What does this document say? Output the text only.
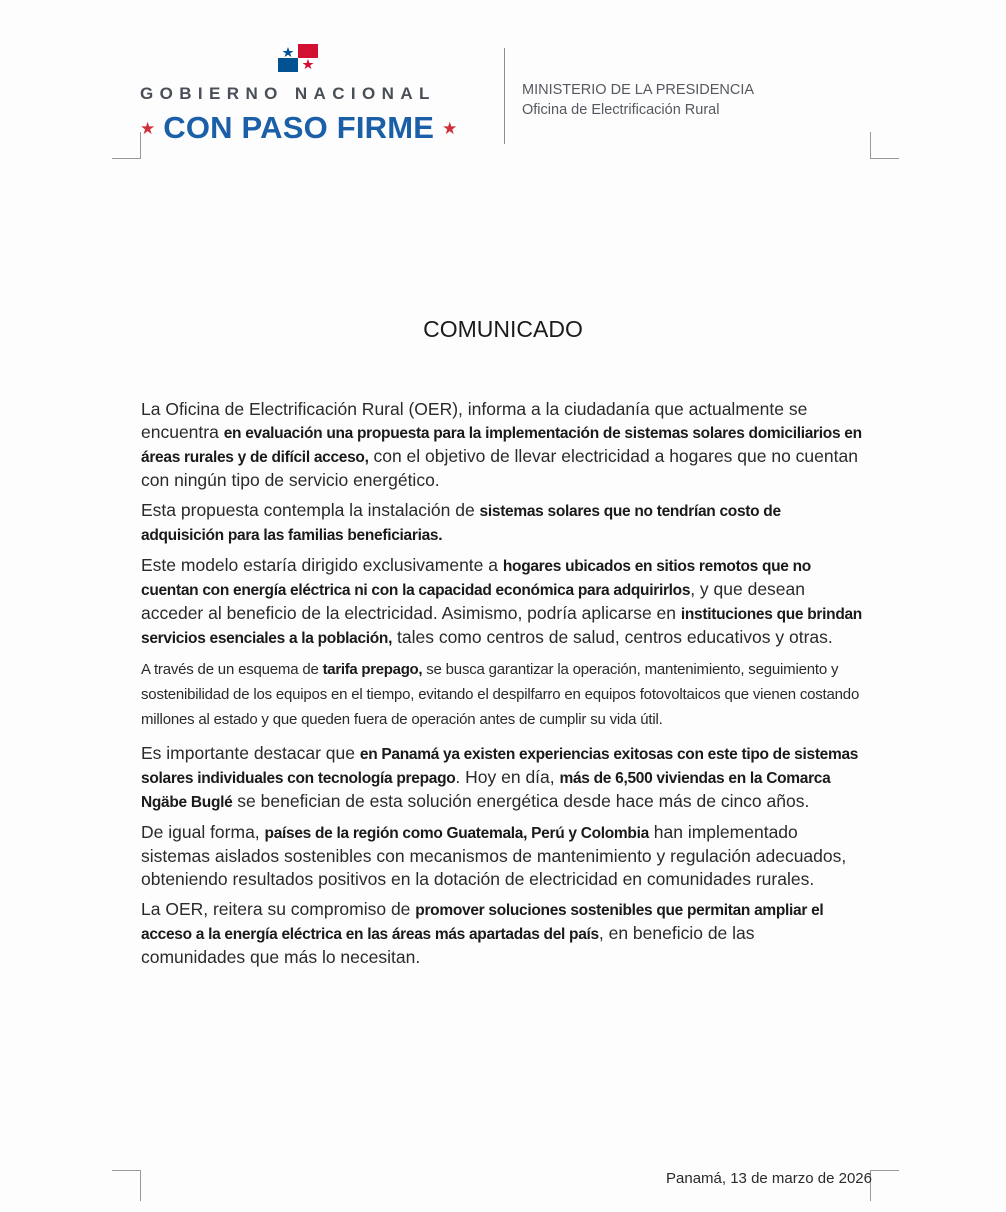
GOBIERNO NACIONAL
★ CON PASO FIRME ★
MINISTERIO DE LA PRESIDENCIA
Oficina de Electrificación Rural
COMUNICADO

La Oficina de Electrificación Rural (OER), informa a la ciudadanía que actualmente se encuentra en evaluación una propuesta para la implementación de sistemas solares domiciliarios en áreas rurales y de difícil acceso, con el objetivo de llevar electricidad a hogares que no cuentan con ningún tipo de servicio energético.

Esta propuesta contempla la instalación de sistemas solares que no tendrían costo de adquisición para las familias beneficiarias.

Este modelo estaría dirigido exclusivamente a hogares ubicados en sitios remotos que no cuentan con energía eléctrica ni con la capacidad económica para adquirirlos, y que desean acceder al beneficio de la electricidad. Asimismo, podría aplicarse en instituciones que brindan servicios esenciales a la población, tales como centros de salud, centros educativos y otras.

A través de un esquema de tarifa prepago, se busca garantizar la operación, mantenimiento, seguimiento y sostenibilidad de los equipos en el tiempo, evitando el despilfarro en equipos fotovoltaicos que vienen costando millones al estado y que queden fuera de operación antes de cumplir su vida útil.

Es importante destacar que en Panamá ya existen experiencias exitosas con este tipo de sistemas solares individuales con tecnología prepago. Hoy en día, más de 6,500 viviendas en la Comarca Ngäbe Buglé se benefician de esta solución energética desde hace más de cinco años.

De igual forma, países de la región como Guatemala, Perú y Colombia han implementado sistemas aislados sostenibles con mecanismos de mantenimiento y regulación adecuados, obteniendo resultados positivos en la dotación de electricidad en comunidades rurales.

La OER, reitera su compromiso de promover soluciones sostenibles que permitan ampliar el acceso a la energía eléctrica en las áreas más apartadas del país, en beneficio de las comunidades que más lo necesitan.

Panamá, 13 de marzo de 2026
